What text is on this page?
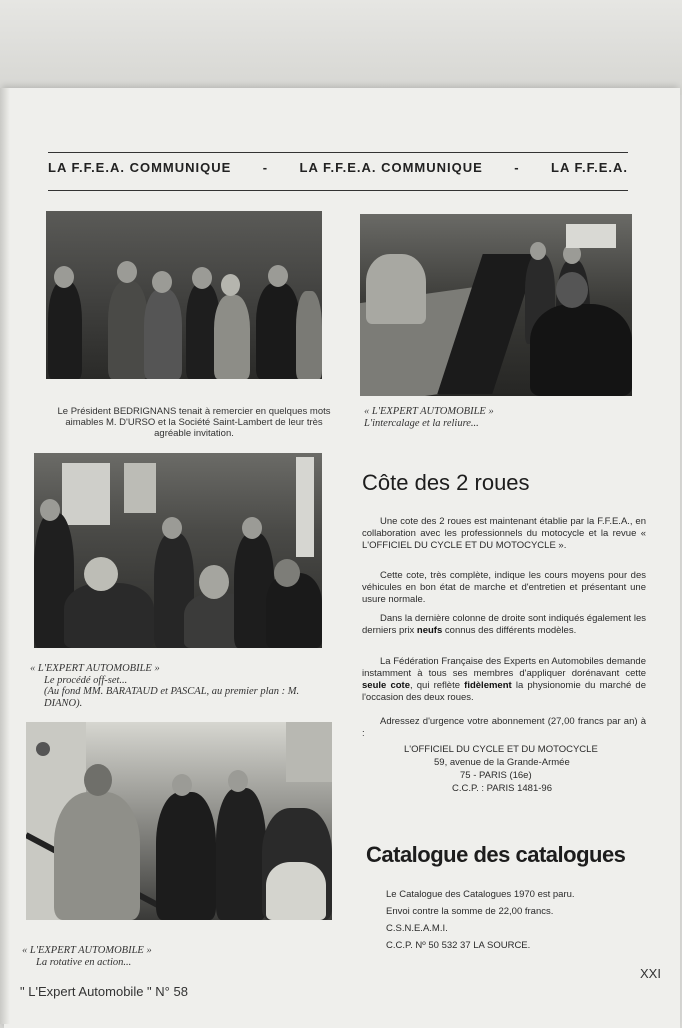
LA F.F.E.A. COMMUNIQUE - LA F.F.E.A. COMMUNIQUE - LA F.F.E.A.
Le Président BEDRIGNANS tenait à remercier en quelques mots aimables M. D'URSO et la Société Saint-Lambert de leur très agréable invitation.
« L'EXPERT AUTOMOBILE »
L'intercalage et la reliure...
« L'EXPERT AUTOMOBILE »
Le procédé off-set...
(Au fond MM. BARATAUD et PASCAL, au premier plan : M. DIANO).
« L'EXPERT AUTOMOBILE »
La rotative en action...
Côte des 2 roues
Une cote des 2 roues est maintenant établie par la F.F.E.A., en collaboration avec les professionnels du motocycle et la revue « L'OFFICIEL DU CYCLE ET DU MOTOCYCLE ».
Cette cote, très complète, indique les cours moyens pour des véhicules en bon état de marche et d'entretien et présentant une usure normale.
Dans la dernière colonne de droite sont indiqués également les derniers prix neufs connus des différents modèles.
La Fédération Française des Experts en Automobiles demande instamment à tous ses membres d'appliquer dorénavant cette seule cote, qui reflète fidèlement la physionomie du marché de l'occasion des deux roues.
Adressez d'urgence votre abonnement (27,00 francs par an) à :
L'OFFICIEL DU CYCLE ET DU MOTOCYCLE
59, avenue de la Grande-Armée
75 - PARIS (16e)
C.C.P. : PARIS 1481-96
Catalogue des catalogues
Le Catalogue des Catalogues 1970 est paru.
Envoi contre la somme de 22,00 francs.
C.S.N.E.A.M.I.
C.C.P. Nº 50 532 37 LA SOURCE.
" L'Expert Automobile " N° 58
XXI
